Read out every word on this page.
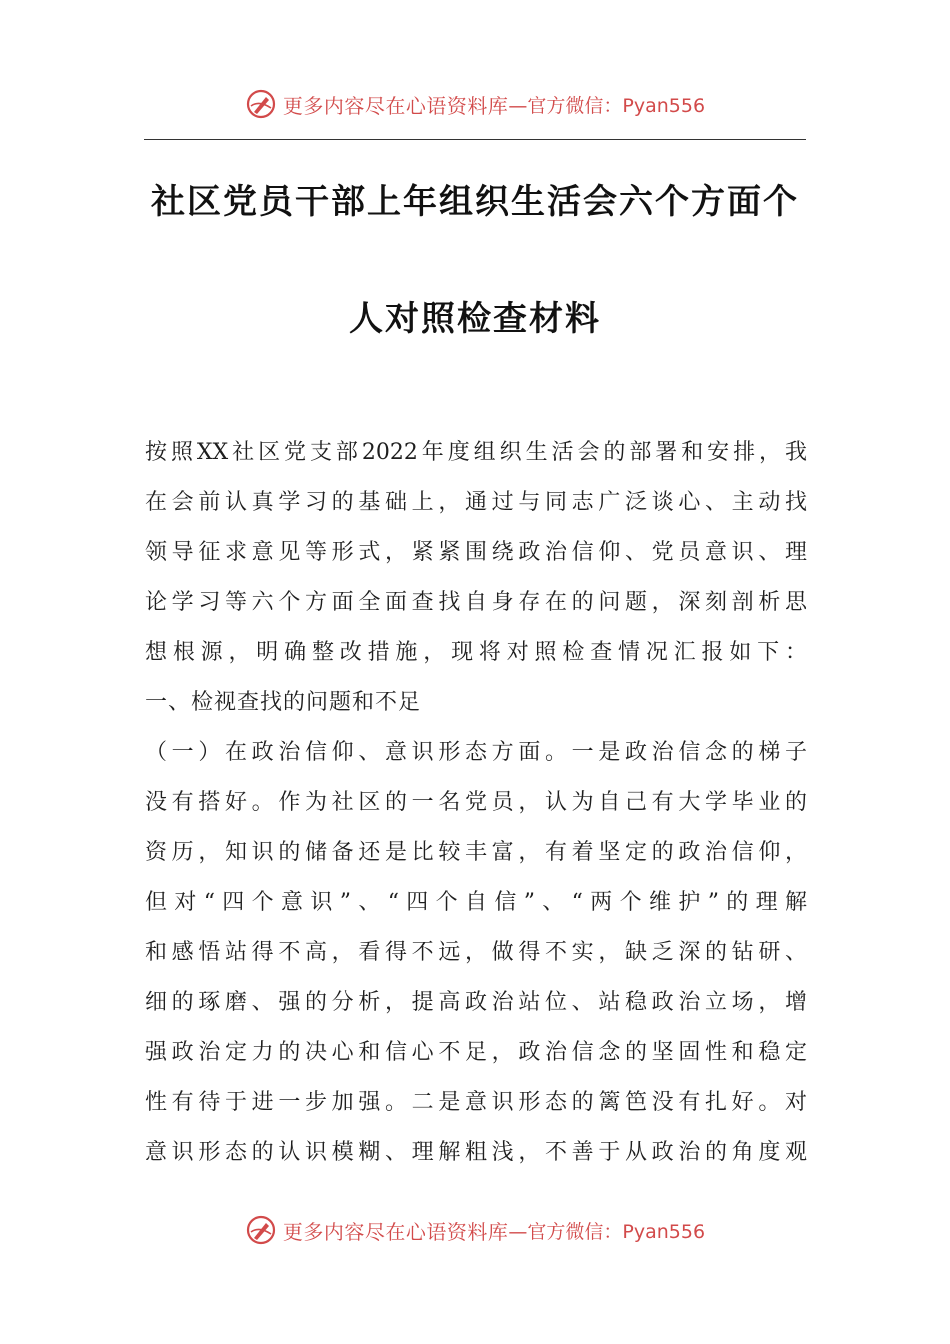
更多内容尽在心语资料库 —官方微信：Pyan556
社区党员干部上年组织生活会六个方面个
人对照检查材料
按照XX社区党支部2022年度组织生活会的部署和安排，我
在会前认真学习的基础上，通过与同志广泛谈心、主动找
领导征求意见等形式，紧紧围绕政治信仰、党员意识、理
论学习等六个方面全面查找自身存在的问题，深刻剖析思
想根源，明确整改措施，现将对照检查情况汇报如下：
一、检视查找的问题和不足
（一）在政治信仰、意识形态方面。一是政治信念的梯子
没有搭好。作为社区的一名党员，认为自己有大学毕业的
资历，知识的储备还是比较丰富，有着坚定的政治信仰，
但对“四个意识”、“四个自信”、“两个维护”的理解
和感悟站得不高，看得不远，做得不实，缺乏深的钻研、
细的琢磨、强的分析，提高政治站位、站稳政治立场，增
强政治定力的决心和信心不足，政治信念的坚固性和稳定
性有待于进一步加强。二是意识形态的篱笆没有扎好。对
意识形态的认识模糊、理解粗浅，不善于从政治的角度观
更多内容尽在心语资料库 —官方微信：Pyan556
